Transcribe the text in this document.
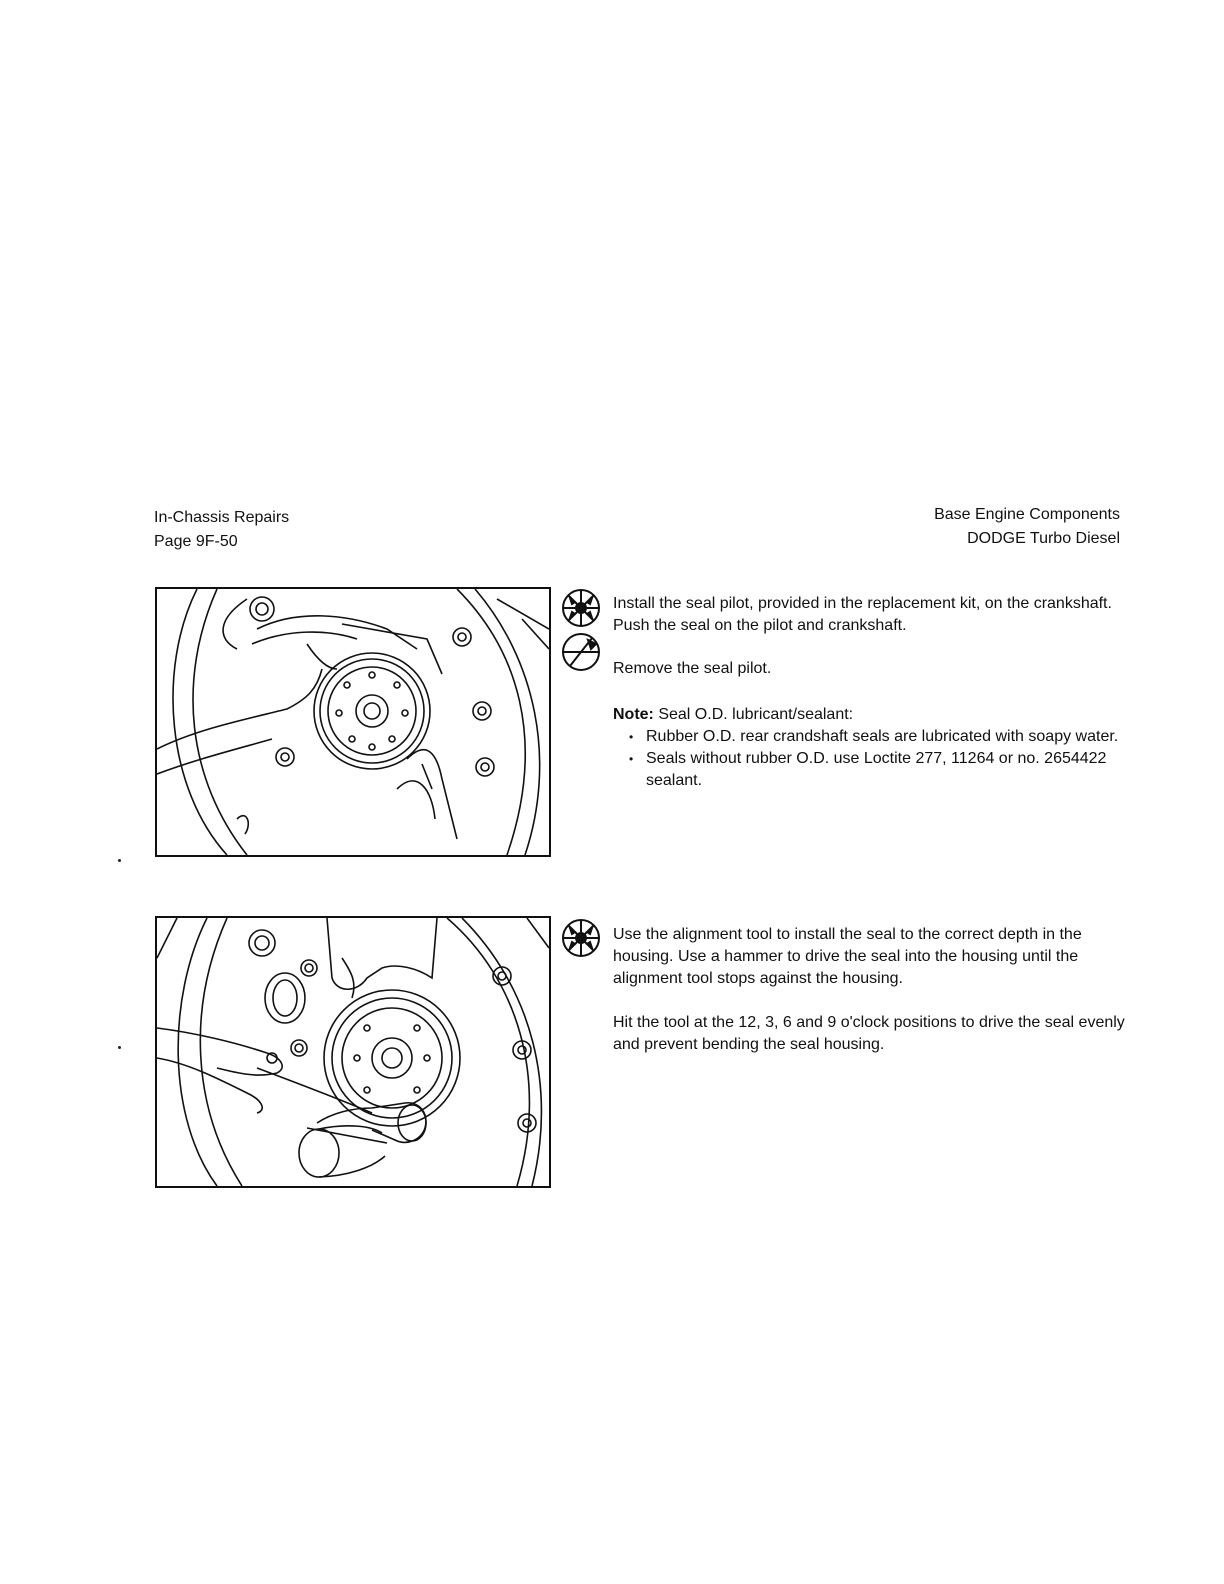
In-Chassis Repairs
Page 9F-50
Base Engine Components
DODGE Turbo Diesel

Install the seal pilot, provided in the replacement kit, on the crankshaft. Push the seal on the pilot and crankshaft.

Remove the seal pilot.

Note: Seal O.D. lubricant/sealant:
• Rubber O.D. rear crandshaft seals are lubricated with soapy water.
• Seals without rubber O.D. use Loctite 277, 11264 or no. 2654422 sealant.

Use the alignment tool to install the seal to the correct depth in the housing. Use a hammer to drive the seal into the housing until the alignment tool stops against the housing.

Hit the tool at the 12, 3, 6 and 9 o'clock positions to drive the seal evenly and prevent bending the seal housing.
